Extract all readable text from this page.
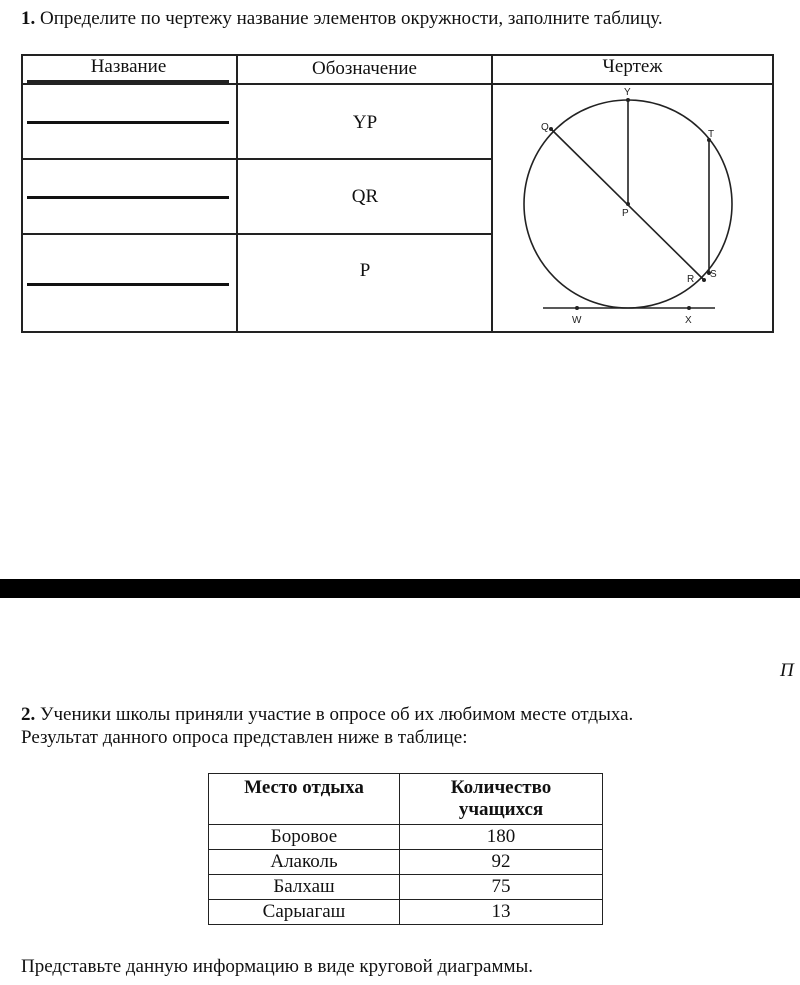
1. Определите по чертежу название элементов окружности, заполните таблицу.
Название	Обозначение	Чертеж
YP
QR
P
Y
Q
T
P
R S
W	X
П
2. Ученики школы приняли участие в опросе об их любимом месте отдыха.
Результат данного опроса представлен ниже в таблице:
Место отдыха	Количество
учащихся

Боровое	180
Алаколь	92
Балхаш	75
Сарыагаш	13
Представьте данную информацию в виде круговой диаграммы.
